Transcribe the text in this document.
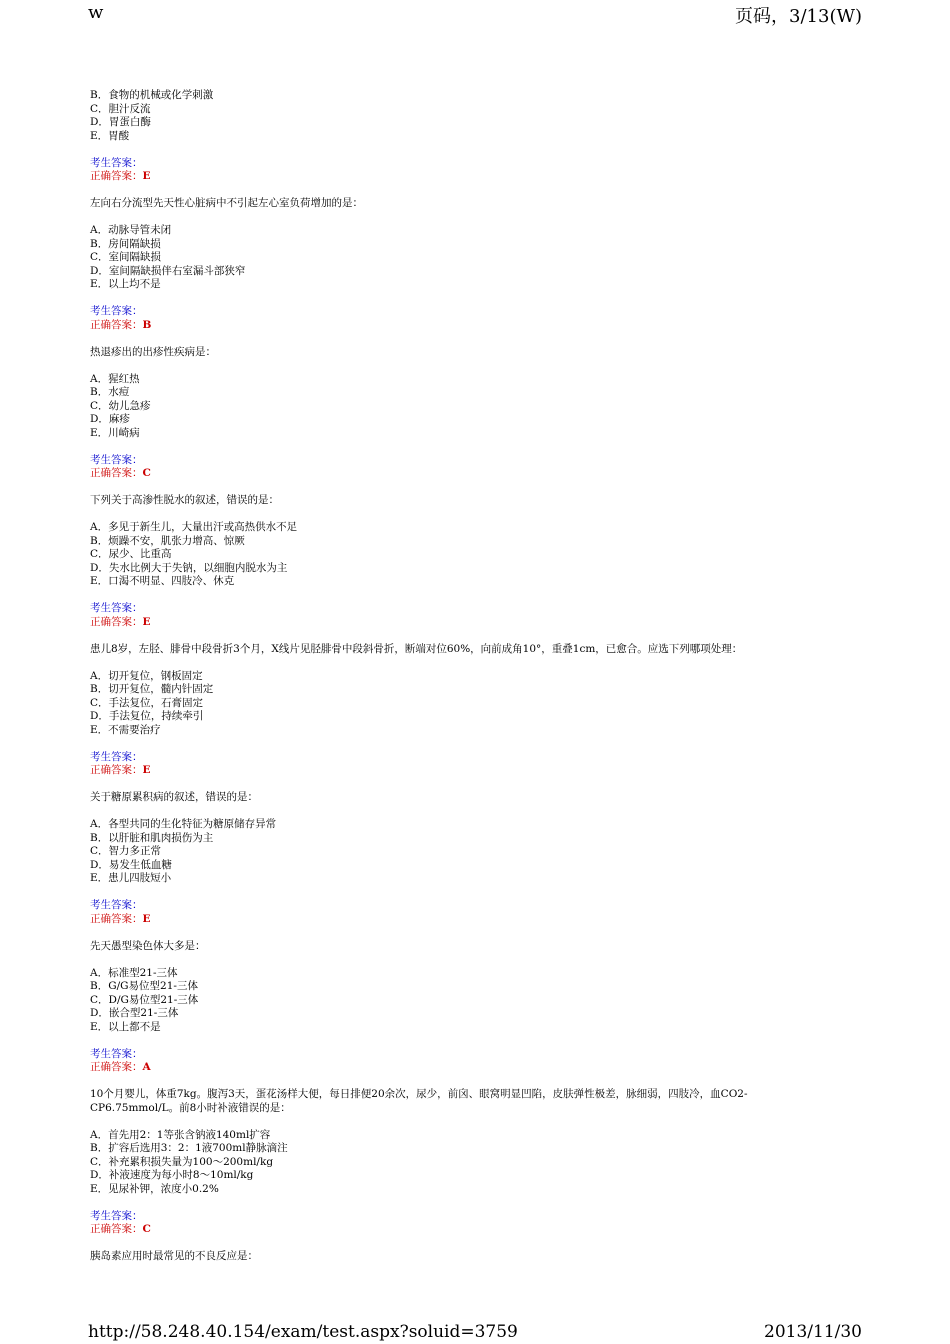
w	页码，3/13(W)
B．食物的机械或化学刺激
C．胆汁反流
D．胃蛋白酶
E．胃酸
考生答案：
正确答案：E
左向右分流型先天性心脏病中不引起左心室负荷增加的是：
A．动脉导管未闭
B．房间隔缺损
C．室间隔缺损
D．室间隔缺损伴右室漏斗部狭窄
E．以上均不是
考生答案：
正确答案：B
热退疹出的出疹性疾病是：
A．猩红热
B．水痘
C．幼儿急疹
D．麻疹
E．川崎病
考生答案：
正确答案：C
下列关于高渗性脱水的叙述，错误的是：
A．多见于新生儿，大量出汗或高热供水不足
B．烦躁不安，肌张力增高、惊厥
C．尿少、比重高
D．失水比例大于失钠，以细胞内脱水为主
E．口渴不明显、四肢冷、休克
考生答案：
正确答案：E
患儿8岁，左胫、腓骨中段骨折3个月，X线片见胫腓骨中段斜骨折，断端对位60%，向前成角10°，重叠1cm，已愈合。应选下列哪项处理：
A．切开复位，钢板固定
B．切开复位，髓内针固定
C．手法复位，石膏固定
D．手法复位，持续牵引
E．不需要治疗
考生答案：
正确答案：E
关于糖原累积病的叙述，错误的是：
A．各型共同的生化特征为糖原储存异常
B．以肝脏和肌肉损伤为主
C．智力多正常
D．易发生低血糖
E．患儿四肢短小
考生答案：
正确答案：E
先天愚型染色体大多是：
A．标准型21-三体
B．G/G易位型21-三体
C．D/G易位型21-三体
D．嵌合型21-三体
E．以上都不是
考生答案：
正确答案：A
10个月婴儿，体重7kg。腹泻3天，蛋花汤样大便，每日排便20余次，尿少，前囟、眼窝明显凹陷，皮肤弹性极差，脉细弱，四肢冷，血CO2-CP6.75mmol/L。前8小时补液错误的是：
A．首先用2：1等张含钠液140ml扩容
B．扩容后选用3：2：1液700ml静脉滴注
C．补充累积损失量为100～200ml/kg
D．补液速度为每小时8～10ml/kg
E．见尿补钾，浓度小0.2%
考生答案：
正确答案：C
胰岛素应用时最常见的不良反应是：
http://58.248.40.154/exam/test.aspx?soluid=3759	2013/11/30
